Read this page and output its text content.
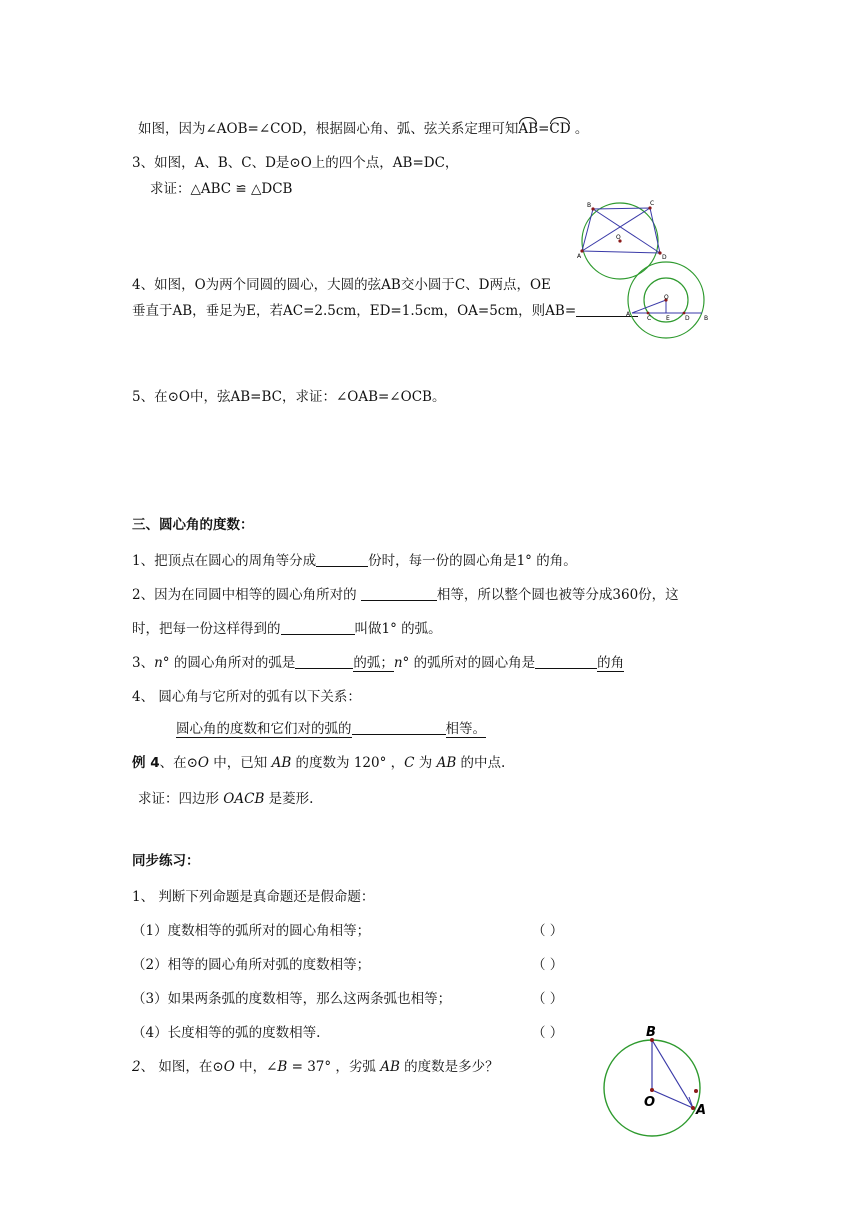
如图，因为∠AOB=∠COD，根据圆心角、弧、弦关系定理可知AB=CD 。
3、如图，A、B、C、D是⊙O上的四个点，AB=DC，
求证：△ABC ≌ △DCB
B	C
O
A	D
4、如图，O为两个同圆的圆心，大圆的弦AB交小圆于C、D两点，OE
垂直于AB，垂足为E，若AC=2.5cm，ED=1.5cm，OA=5cm，则AB=
O
A
C E	D B
5、在⊙O中，弦AB=BC，求证：∠OAB=∠OCB。
三、圆心角的度数：
1、把顶点在圆心的周角等分成	份时，每一份的圆心角是1° 的角。
2、因为在同圆中相等的圆心角所对的	相等，所以整个圆也被等分成360份，这
时，把每一份这样得到的	叫做1° 的弧。
3、n° 的圆心角所对的弧是	的弧；n° 的弧所对的圆心角是	的角
4、 圆心角与它所对的弧有以下关系：
圆心角的度数和它们对的弧的	相等。
例 4、在⊙O 中，已知 AB 的度数为 120° ，C 为 AB 的中点.
求证：四边形 OACB 是菱形.
同步练习：
1、 判断下列命题是真命题还是假命题：
（1）度数相等的弧所对的圆心角相等；	（ ）
（2）相等的圆心角所对弧的度数相等；	（ ）
（3）如果两条弧的度数相等，那么这两条弧也相等；	（ ）
（4）长度相等的弧的度数相等.	（ ）
2、 如图，在⊙O 中，∠B = 37° ，劣弧 AB 的度数是多少？
B
O
A
